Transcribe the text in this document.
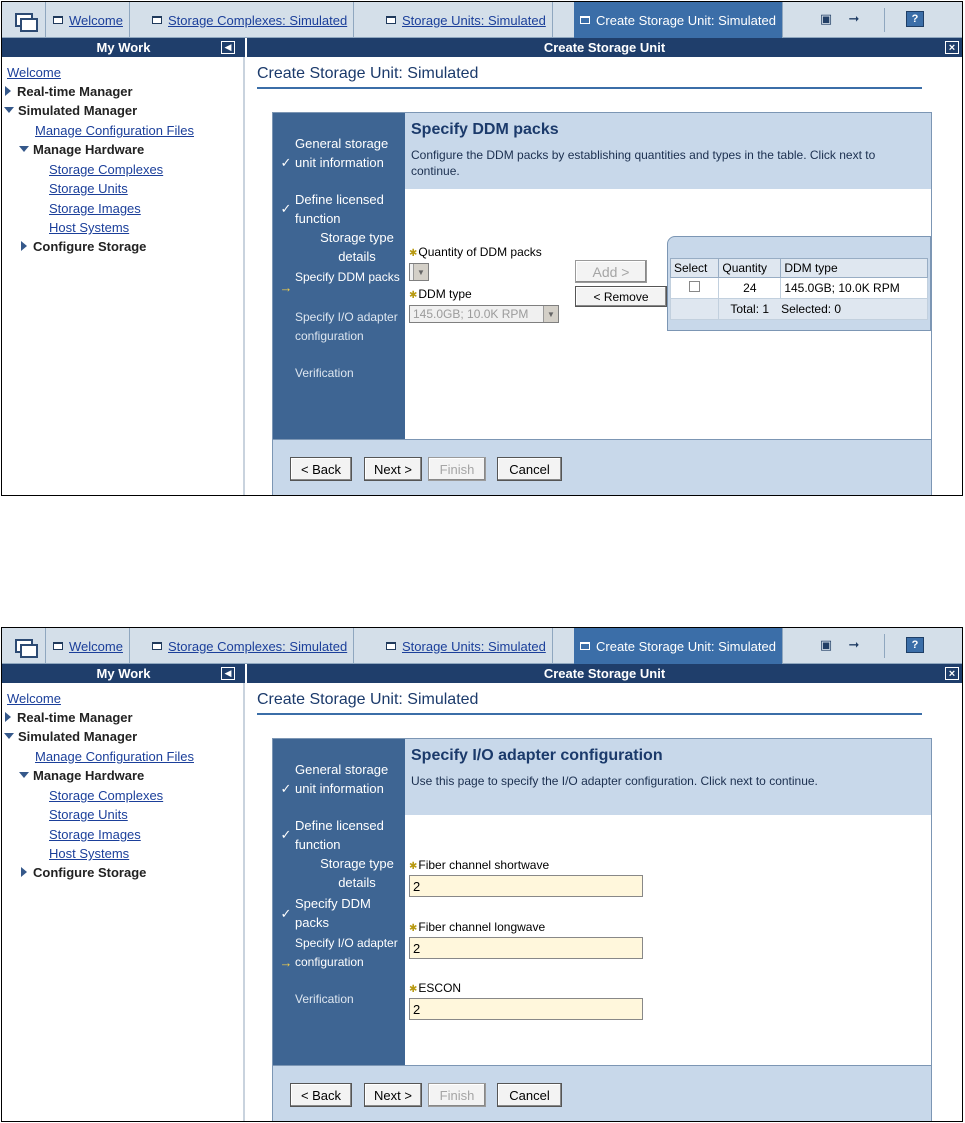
Welcome	Storage Complexes: Simulated	Storage Units: Simulated	Create Storage Unit: Simulated	▣ ➞	?
My Work	◀	Create Storage Unit	×
Welcome
Real-time Manager
Simulated Manager
Manage Configuration Files
Manage Hardware
Storage Complexes
Storage Units
Storage Images
Host Systems
Configure Storage
Create Storage Unit: Simulated
✓
General storage unit information
✓
Define licensed function
Storage type details
→
Specify DDM packs
Specify I/O adapter configuration
Verification
Specify DDM packs

Configure the DDM packs by establishing quantities and types in the table. Click next to continue.

✱Quantity of DDM packs
▼
✱DDM type
145.0GB; 10.0K RPM	▼
Add >
< Remove
Select	Quantity	DDM type
	24	145.0GB; 10.0K RPM
	Total: 1 Selected: 0	
< Back	Next >	Finish	Cancel
Welcome	Storage Complexes: Simulated	Storage Units: Simulated	Create Storage Unit: Simulated	▣ ➞	?
My Work	◀	Create Storage Unit	×
Welcome
Real-time Manager
Simulated Manager
Manage Configuration Files
Manage Hardware
Storage Complexes
Storage Units
Storage Images
Host Systems
Configure Storage
Create Storage Unit: Simulated
✓
General storage unit information
✓
Define licensed function
Storage type details
✓
Specify DDM packs
→
Specify I/O adapter configuration
Verification
Specify I/O adapter configuration

Use this page to specify the I/O adapter configuration. Click next to continue.

✱Fiber channel shortwave
2
✱Fiber channel longwave
2
✱ESCON
2
< Back	Next >	Finish	Cancel
